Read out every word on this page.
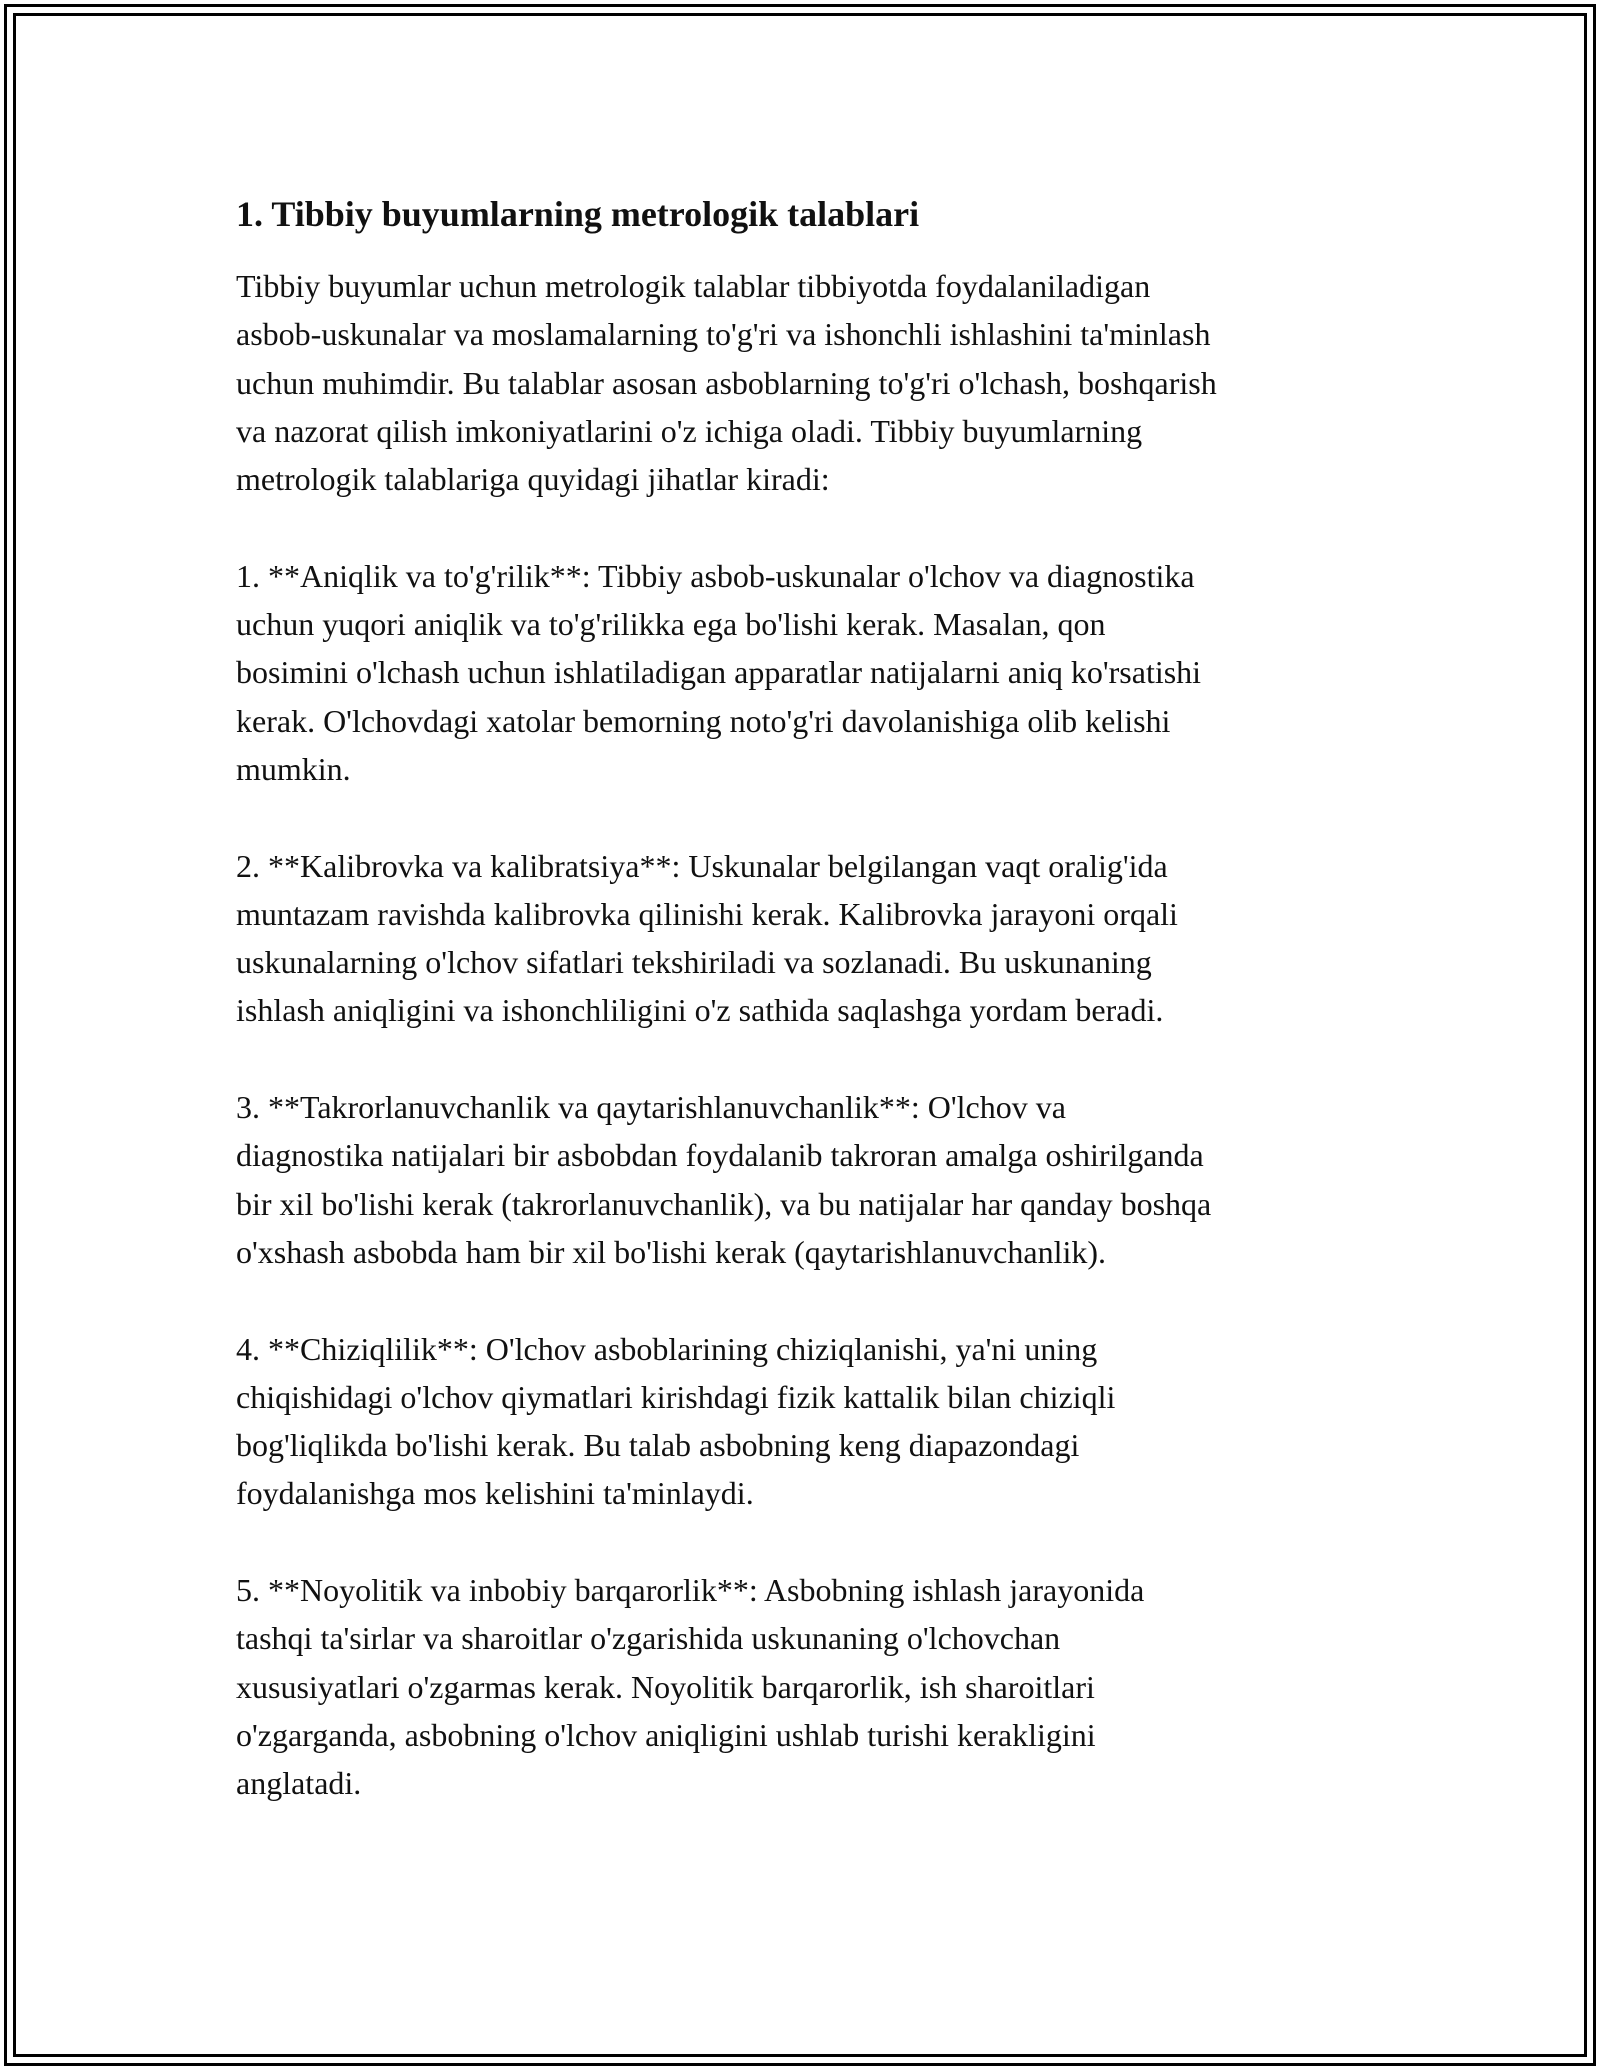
1. Tibbiy buyumlarning metrologik talablari

Tibbiy buyumlar uchun metrologik talablar tibbiyotda foydalaniladigan
asbob-uskunalar va moslamalarning to'g'ri va ishonchli ishlashini ta'minlash
uchun muhimdir. Bu talablar asosan asboblarning to'g'ri o'lchash, boshqarish
va nazorat qilish imkoniyatlarini o'z ichiga oladi. Tibbiy buyumlarning
metrologik talablariga quyidagi jihatlar kiradi:

1. **Aniqlik va to'g'rilik**: Tibbiy asbob-uskunalar o'lchov va diagnostika
uchun yuqori aniqlik va to'g'rilikka ega bo'lishi kerak. Masalan, qon
bosimini o'lchash uchun ishlatiladigan apparatlar natijalarni aniq ko'rsatishi
kerak. O'lchovdagi xatolar bemorning noto'g'ri davolanishiga olib kelishi
mumkin.

2. **Kalibrovka va kalibratsiya**: Uskunalar belgilangan vaqt oralig'ida
muntazam ravishda kalibrovka qilinishi kerak. Kalibrovka jarayoni orqali
uskunalarning o'lchov sifatlari tekshiriladi va sozlanadi. Bu uskunaning
ishlash aniqligini va ishonchliligini o'z sathida saqlashga yordam beradi.

3. **Takrorlanuvchanlik va qaytarishlanuvchanlik**: O'lchov va
diagnostika natijalari bir asbobdan foydalanib takroran amalga oshirilganda
bir xil bo'lishi kerak (takrorlanuvchanlik), va bu natijalar har qanday boshqa
o'xshash asbobda ham bir xil bo'lishi kerak (qaytarishlanuvchanlik).

4. **Chiziqlilik**: O'lchov asboblarining chiziqlanishi, ya'ni uning
chiqishidagi o'lchov qiymatlari kirishdagi fizik kattalik bilan chiziqli
bog'liqlikda bo'lishi kerak. Bu talab asbobning keng diapazondagi
foydalanishga mos kelishini ta'minlaydi.

5. **Noyolitik va inbobiy barqarorlik**: Asbobning ishlash jarayonida
tashqi ta'sirlar va sharoitlar o'zgarishida uskunaning o'lchovchan
xususiyatlari o'zgarmas kerak. Noyolitik barqarorlik, ish sharoitlari
o'zgarganda, asbobning o'lchov aniqligini ushlab turishi kerakligini
anglatadi.
